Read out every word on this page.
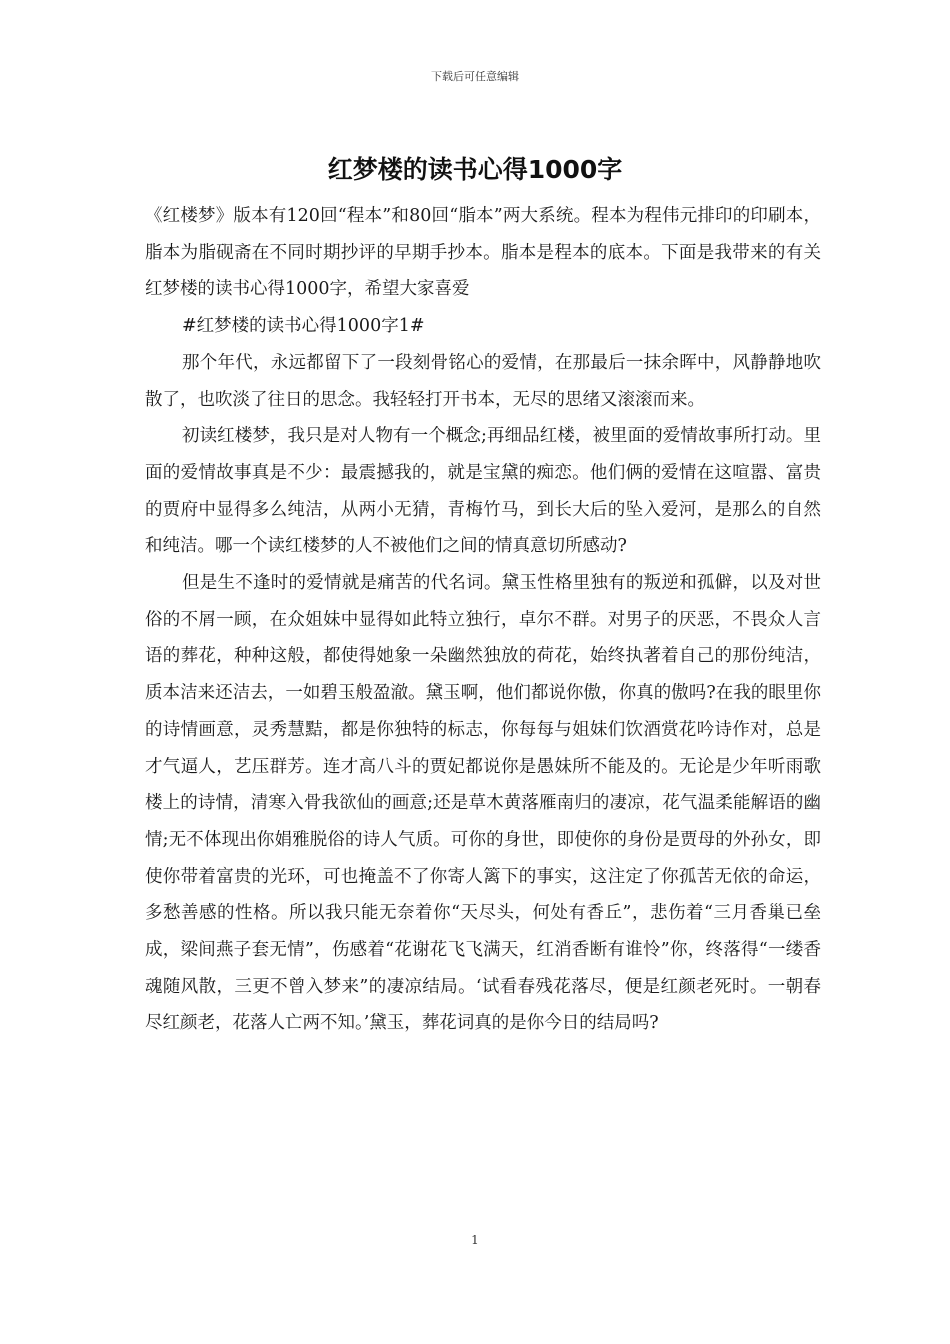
下载后可任意编辑
红梦楼的读书心得1000字

《红楼梦》版本有120回“程本”和80回“脂本”两大系统。程本为程伟元排印的印刷本，脂本为脂砚斋在不同时期抄评的早期手抄本。脂本是程本的底本。下面是我带来的有关红梦楼的读书心得1000字，希望大家喜爱

#红梦楼的读书心得1000字1#

那个年代，永远都留下了一段刻骨铭心的爱情，在那最后一抹余晖中，风静静地吹散了，也吹淡了往日的思念。我轻轻打开书本，无尽的思绪又滚滚而来。

初读红楼梦，我只是对人物有一个概念;再细品红楼，被里面的爱情故事所打动。里面的爱情故事真是不少：最震撼我的，就是宝黛的痴恋。他们俩的爱情在这喧嚣、富贵的贾府中显得多么纯洁，从两小无猜，青梅竹马，到长大后的坠入爱河，是那么的自然和纯洁。哪一个读红楼梦的人不被他们之间的情真意切所感动?

但是生不逢时的爱情就是痛苦的代名词。黛玉性格里独有的叛逆和孤僻，以及对世俗的不屑一顾，在众姐妹中显得如此特立独行，卓尔不群。对男子的厌恶，不畏众人言语的葬花，种种这般，都使得她象一朵幽然独放的荷花，始终执著着自己的那份纯洁，质本洁来还洁去，一如碧玉般盈澈。黛玉啊，他们都说你傲，你真的傲吗?在我的眼里你的诗情画意，灵秀慧黠，都是你独特的标志，你每每与姐妹们饮酒赏花吟诗作对，总是才气逼人，艺压群芳。连才高八斗的贾妃都说你是愚妹所不能及的。无论是少年听雨歌楼上的诗情，清寒入骨我欲仙的画意;还是草木黄落雁南归的凄凉，花气温柔能解语的幽情;无不体现出你娟雅脱俗的诗人气质。可你的身世，即使你的身份是贾母的外孙女，即使你带着富贵的光环，可也掩盖不了你寄人篱下的事实，这注定了你孤苦无依的命运，多愁善感的性格。所以我只能无奈着你“天尽头，何处有香丘”，悲伤着“三月香巢已垒成，梁间燕子套无情”，伤感着“花谢花飞飞满天，红消香断有谁怜”你，终落得“一缕香魂随风散，三更不曾入梦来”的凄凉结局。‘试看春残花落尽，便是红颜老死时。一朝春尽红颜老，花落人亡两不知。’黛玉，葬花词真的是你今日的结局吗?

1
